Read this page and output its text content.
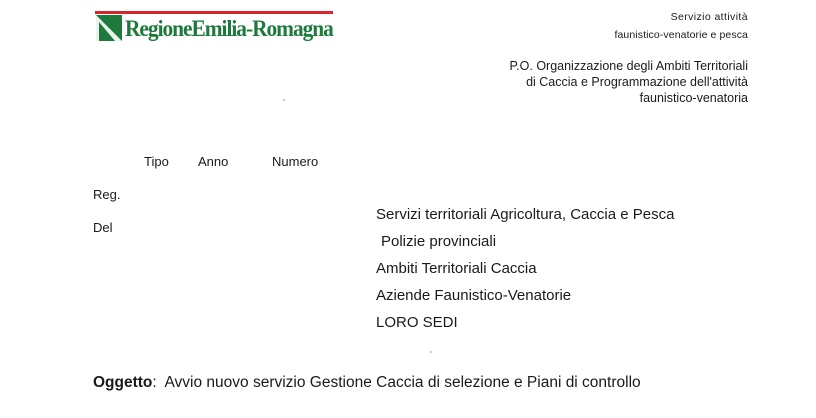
RegioneEmilia-Romagna	Servizio attività
faunistico-venatorie e pesca
P.O. Organizzazione degli Ambiti Territoriali
di Caccia e Programmazione dell'attività
faunistico-venatoria
Tipo Anno	Numero
Reg.
Del
Servizi territoriali Agricoltura, Caccia e Pesca
Polizie provinciali
Ambiti Territoriali Caccia
Aziende Faunistico-Venatorie
LORO SEDI
Oggetto: Avvio nuovo servizio Gestione Caccia di selezione e Piani di controllo
